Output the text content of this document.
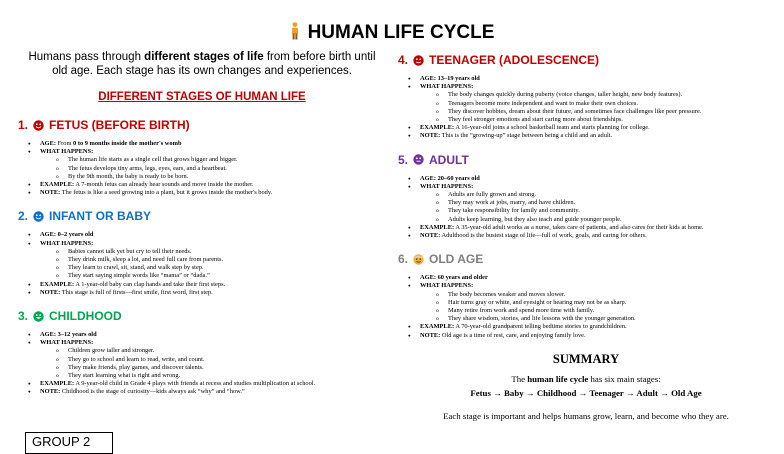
HUMAN LIFE CYCLE

Humans pass through different stages of life from before birth until old age. Each stage has its own changes and experiences.

DIFFERENT STAGES OF HUMAN LIFE
1. FETUS (BEFORE BIRTH)
● AGE: From 0 to 9 months inside the mother's womb
● WHAT HAPPENS:
o The human life starts as a single cell that grows bigger and bigger.
o The fetus develops tiny arms, legs, eyes, ears, and a heartbeat.
o By the 9th month, the baby is ready to be born.
● EXAMPLE: A 7-month fetus can already hear sounds and move inside the mother.
● NOTE: The fetus is like a seed growing into a plant, but it grows inside the mother's body.
2. INFANT OR BABY
● AGE: 0–2 years old
● WHAT HAPPENS:
o Babies cannot talk yet but cry to tell their needs.
o They drink milk, sleep a lot, and need full care from parents.
o They learn to crawl, sit, stand, and walk step by step.
o They start saying simple words like “mama” or “dada.”
● EXAMPLE: A 1-year-old baby can clap hands and take their first steps.
● NOTE: This stage is full of firsts—first smile, first word, first step.
3. CHILDHOOD
● AGE: 3–12 years old
● WHAT HAPPENS:
o Children grow taller and stronger.
o They go to school and learn to read, write, and count.
o They make friends, play games, and discover talents.
o They start learning what is right and wrong.
● EXAMPLE: A 9-year-old child in Grade 4 plays with friends at recess and studies multiplication at school.
● NOTE: Childhood is the stage of curiosity—kids always ask “why” and “how.”
4. TEENAGER (ADOLESCENCE)
● AGE: 13–19 years old
● WHAT HAPPENS:
o The body changes quickly during puberty (voice changes, taller height, new body features).
o Teenagers become more independent and want to make their own choices.
o They discover hobbies, dream about their future, and sometimes face challenges like peer pressure.
o They feel stronger emotions and start caring more about friendships.
● EXAMPLE: A 16-year-old joins a school basketball team and starts planning for college.
● NOTE: This is the “growing-up” stage between being a child and an adult.
5. ADULT
● AGE: 20–60 years old
● WHAT HAPPENS:
o Adults are fully grown and strong.
o They may work at jobs, marry, and have children.
o They take responsibility for family and community.
o Adults keep learning, but they also teach and guide younger people.
● EXAMPLE: A 35-year-old adult works as a nurse, takes care of patients, and also cares for their kids at home.
● NOTE: Adulthood is the busiest stage of life—full of work, goals, and caring for others.
6. OLD AGE
● AGE: 60 years and older
● WHAT HAPPENS:
o The body becomes weaker and moves slower.
o Hair turns gray or white, and eyesight or hearing may not be as sharp.
o Many retire from work and spend more time with family.
o They share wisdom, stories, and life lessons with the younger generation.
● EXAMPLE: A 70-year-old grandparent telling bedtime stories to grandchildren.
● NOTE: Old age is a time of rest, care, and enjoying family love.
SUMMARY

The human life cycle has six main stages:

Fetus → Baby → Childhood → Teenager → Adult → Old Age

Each stage is important and helps humans grow, learn, and become who they are.

GROUP 2
